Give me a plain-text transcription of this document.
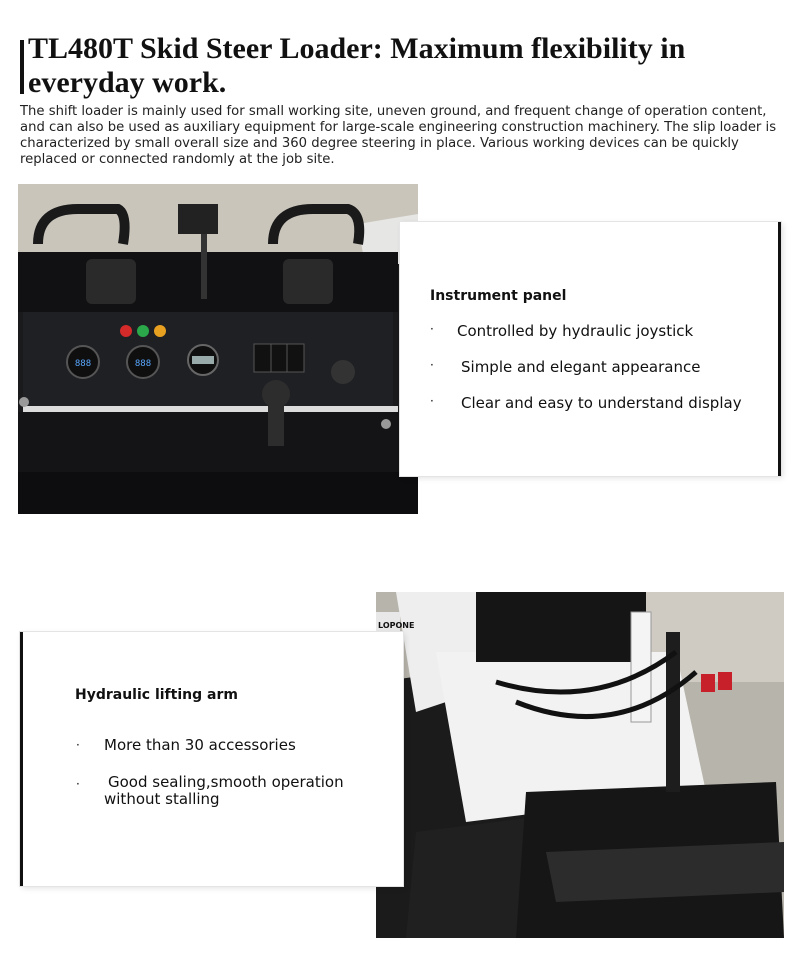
TL480T Skid Steer Loader: Maximum flexibility in everyday work.
The shift loader is mainly used for small working site, uneven ground, and frequent change of operation content, and can also be used as auxiliary equipment for large-scale engineering construction machinery. The slip loader is characterized by small overall size and 360 degree steering in place. Various working devices can be quickly replaced or connected randomly at the job site.
888	888
Instrument panel
· Controlled by hydraulic joystick
· Simple and elegant appearance
· Clear and easy to understand display
LOPONE
Hydraulic lifting arm
· More than 30 accessories
· Good sealing,smooth operation without stalling
